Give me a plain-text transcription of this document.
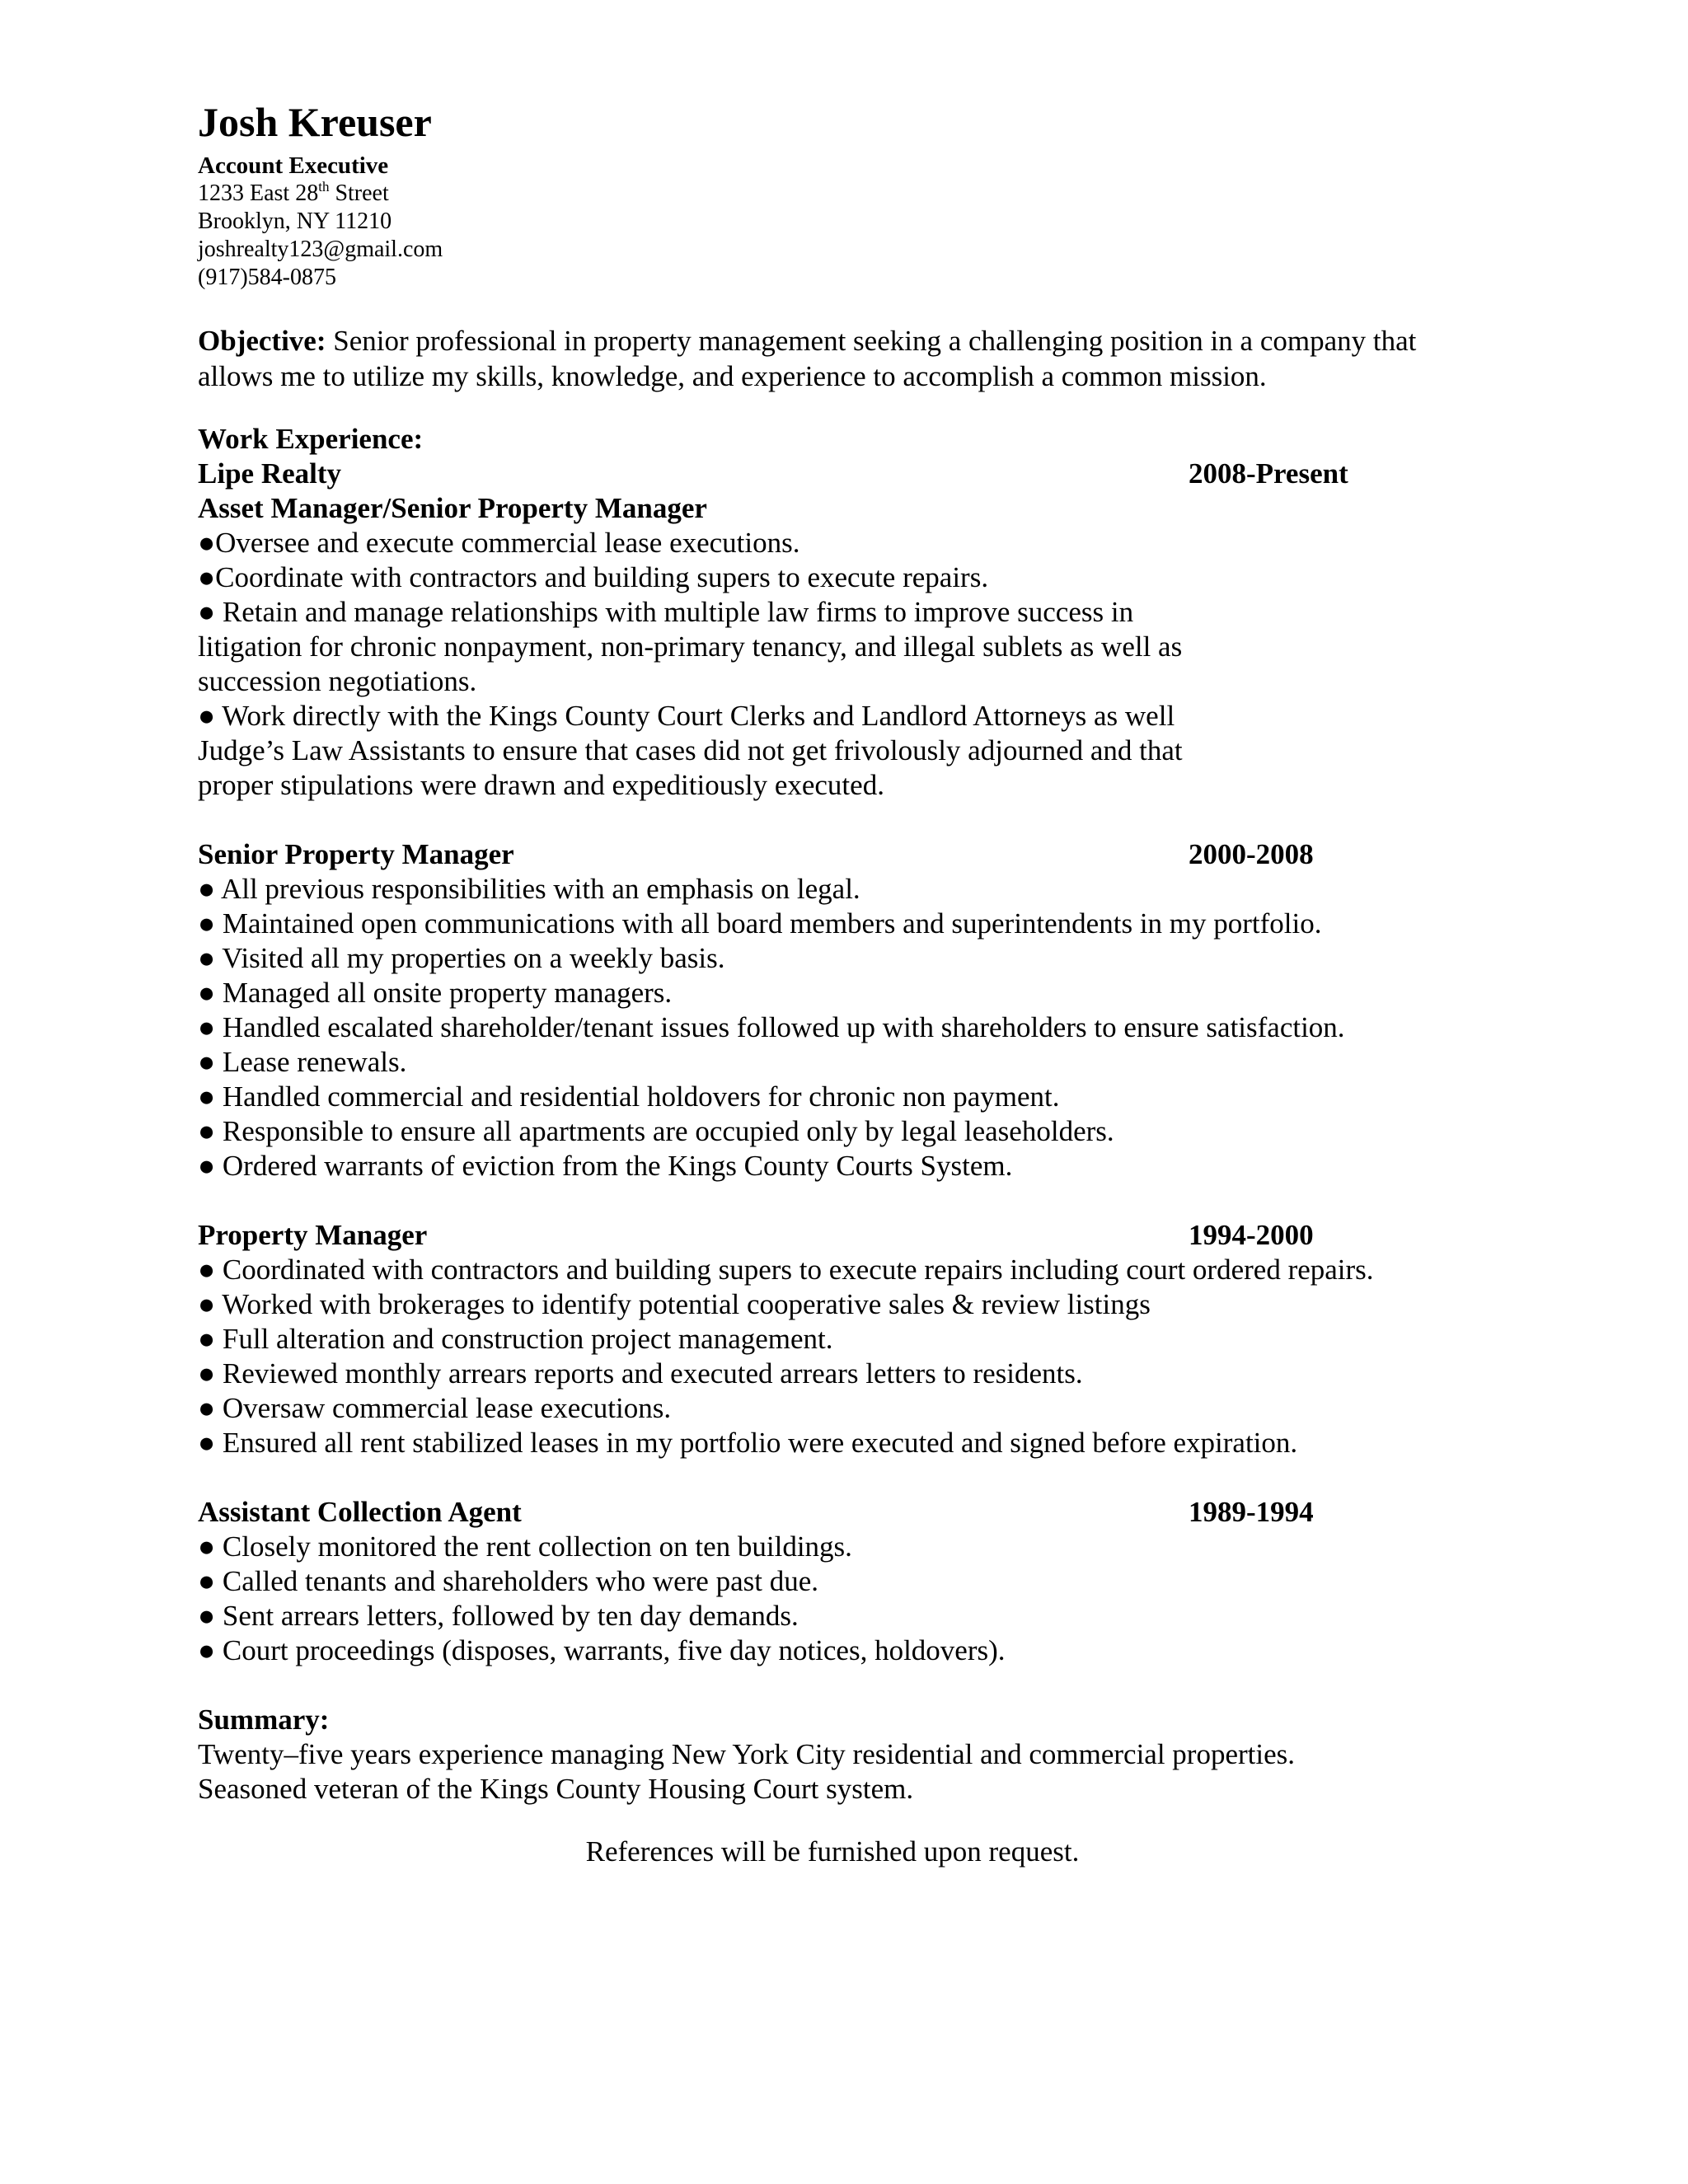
Josh Kreuser
Account Executive
1233 East 28th Street
Brooklyn, NY 11210
joshrealty123@gmail.com
(917)584-0875
Objective: Senior professional in property management seeking a challenging position in a company that
allows me to utilize my skills, knowledge, and experience to accomplish a common mission.
Work Experience:
Lipe Realty	2008-Present
Asset Manager/Senior Property Manager
●Oversee and execute commercial lease executions.
●Coordinate with contractors and building supers to execute repairs.
● Retain and manage relationships with multiple law firms to improve success in
litigation for chronic nonpayment, non-primary tenancy, and illegal sublets as well as
succession negotiations.
● Work directly with the Kings County Court Clerks and Landlord Attorneys as well
Judge’s Law Assistants to ensure that cases did not get frivolously adjourned and that
proper stipulations were drawn and expeditiously executed.
Senior Property Manager	2000-2008
● All previous responsibilities with an emphasis on legal.
● Maintained open communications with all board members and superintendents in my portfolio.
● Visited all my properties on a weekly basis.
● Managed all onsite property managers.
● Handled escalated shareholder/tenant issues followed up with shareholders to ensure satisfaction.
● Lease renewals.
● Handled commercial and residential holdovers for chronic non payment.
● Responsible to ensure all apartments are occupied only by legal leaseholders.
● Ordered warrants of eviction from the Kings County Courts System.
Property Manager	1994-2000
● Coordinated with contractors and building supers to execute repairs including court ordered repairs.
● Worked with brokerages to identify potential cooperative sales & review listings
● Full alteration and construction project management.
● Reviewed monthly arrears reports and executed arrears letters to residents.
● Oversaw commercial lease executions.
● Ensured all rent stabilized leases in my portfolio were executed and signed before expiration.
Assistant Collection Agent	1989-1994
● Closely monitored the rent collection on ten buildings.
● Called tenants and shareholders who were past due.
● Sent arrears letters, followed by ten day demands.
● Court proceedings (disposes, warrants, five day notices, holdovers).
Summary:
Twenty–five years experience managing New York City residential and commercial properties.
Seasoned veteran of the Kings County Housing Court system.
References will be furnished upon request.
